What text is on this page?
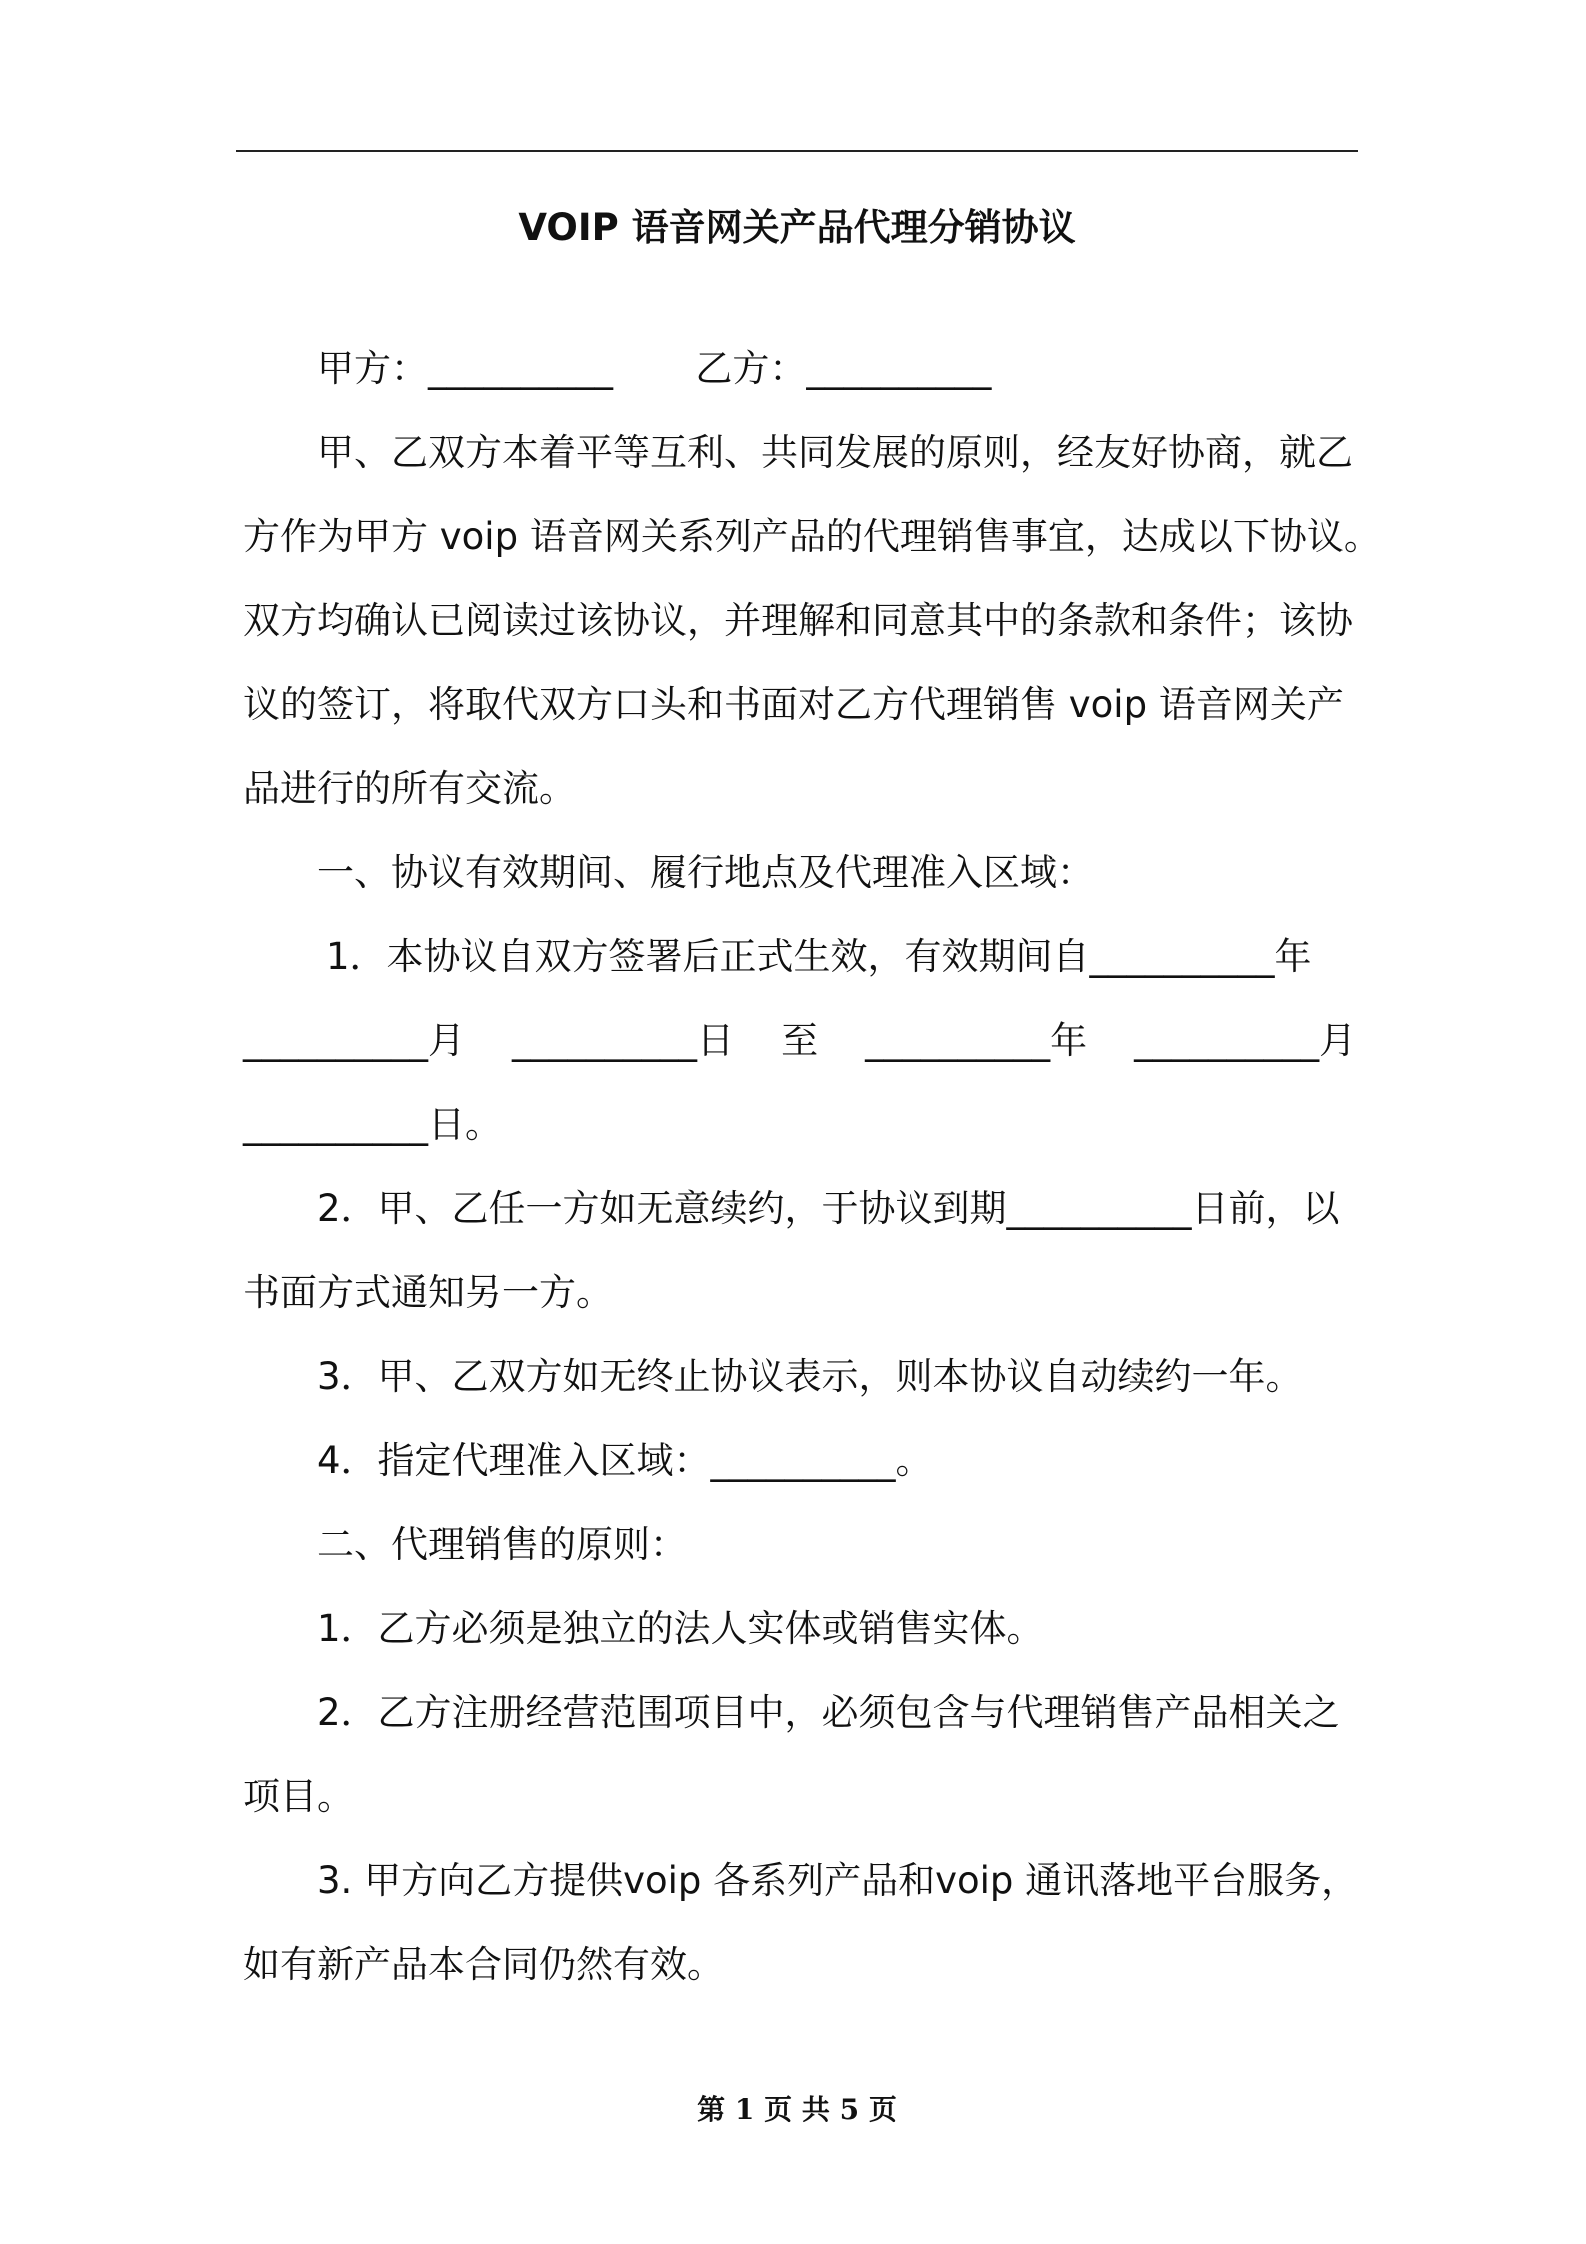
VOIP 语音网关产品代理分销协议

甲方：__________       乙方：__________

甲、乙双方本着平等互利、共同发展的原则，经友好协商，就乙

方作为甲方 voip 语音网关系列产品的代理销售事宜，达成以下协议。

双方均确认已阅读过该协议，并理解和同意其中的条款和条件；该协

议的签订，将取代双方口头和书面对乙方代理销售 voip 语音网关产

品进行的所有交流。

一、协议有效期间、履行地点及代理准入区域：

1．本协议自双方签署后正式生效，有效期间自__________年

__________月    __________日    至    __________年    __________月

__________日。

2．甲、乙任一方如无意续约，于协议到期__________日前，以

书面方式通知另一方。

3．甲、乙双方如无终止协议表示，则本协议自动续约一年。

4．指定代理准入区域：__________。

二、代理销售的原则：

1．乙方必须是独立的法人实体或销售实体。

2．乙方注册经营范围项目中，必须包含与代理销售产品相关之

项目。

3. 甲方向乙方提供voip 各系列产品和voip 通讯落地平台服务，

如有新产品本合同仍然有效。

第 1 页 共 5 页
